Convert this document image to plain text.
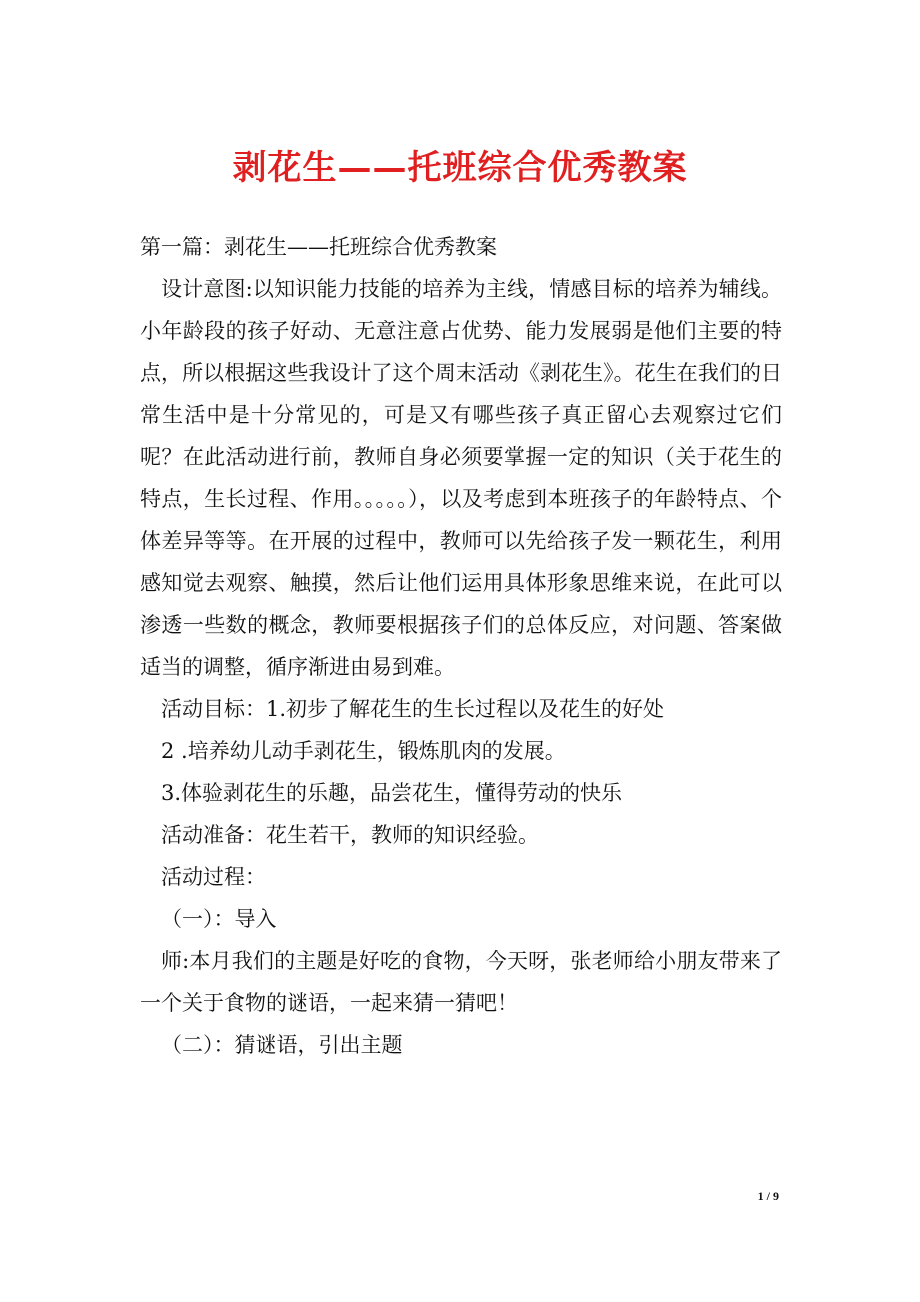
剥花生——托班综合优秀教案

第一篇：剥花生——托班综合优秀教案

设计意图:以知识能力技能的培养为主线，情感目标的培养为辅线。小年龄段的孩子好动、无意注意占优势、能力发展弱是他们主要的特点，所以根据这些我设计了这个周末活动《剥花生》。花生在我们的日常生活中是十分常见的，可是又有哪些孩子真正留心去观察过它们呢？在此活动进行前，教师自身必须要掌握一定的知识（关于花生的特点，生长过程、作用。。。。。），以及考虑到本班孩子的年龄特点、个体差异等等。在开展的过程中，教师可以先给孩子发一颗花生，利用感知觉去观察、触摸，然后让他们运用具体形象思维来说，在此可以渗透一些数的概念，教师要根据孩子们的总体反应，对问题、答案做适当的调整，循序渐进由易到难。

活动目标：1.初步了解花生的生长过程以及花生的好处

2 .培养幼儿动手剥花生，锻炼肌肉的发展。

3.体验剥花生的乐趣，品尝花生，懂得劳动的快乐

活动准备：花生若干，教师的知识经验。

活动过程：

（一）：导入

师:本月我们的主题是好吃的食物，今天呀，张老师给小朋友带来了一个关于食物的谜语，一起来猜一猜吧！

（二）：猜谜语，引出主题

1 / 9
